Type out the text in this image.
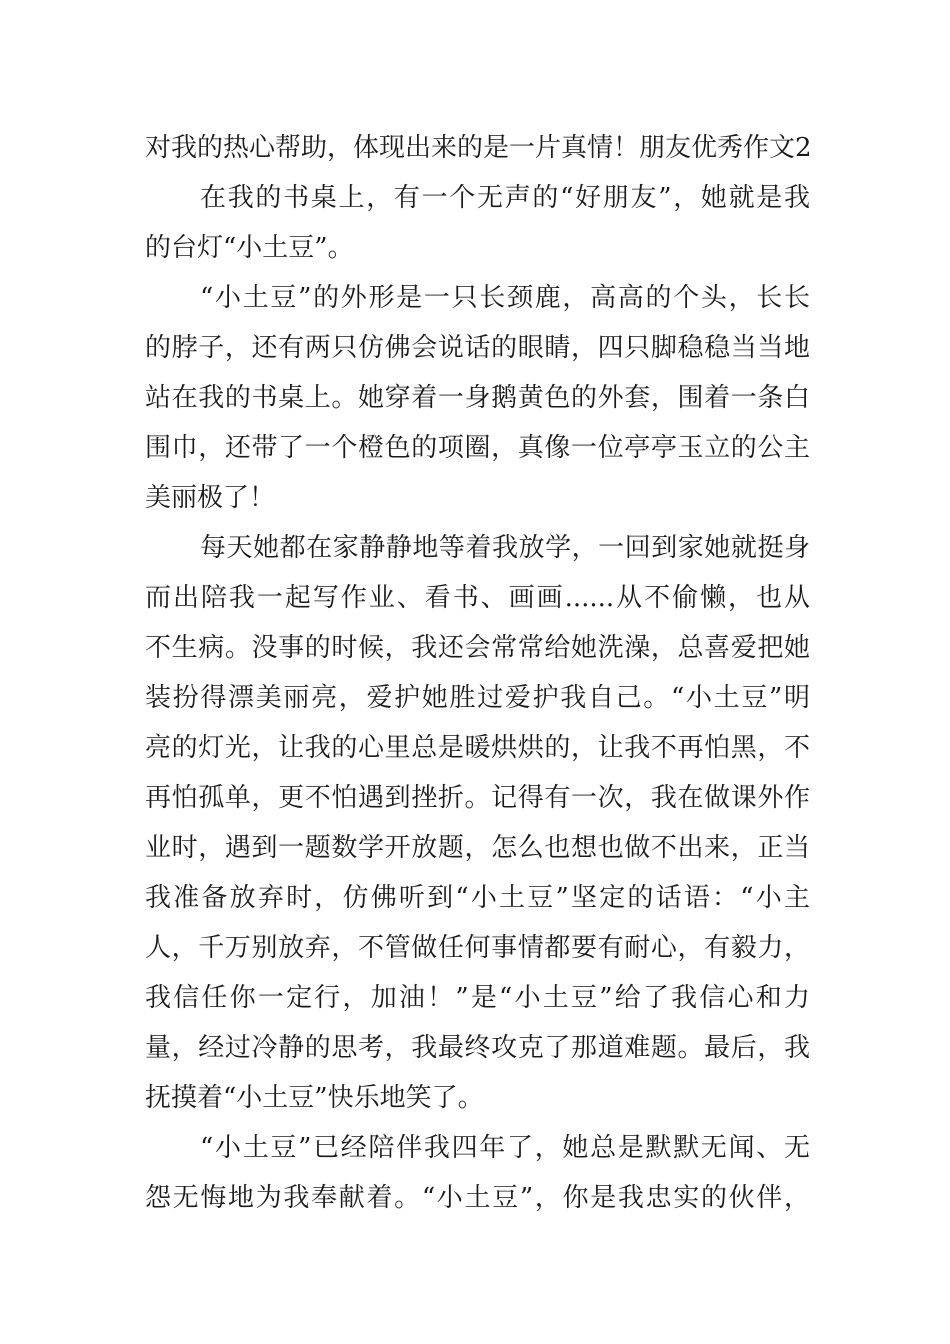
对我的热心帮助，体现出来的是一片真情！朋友优秀作文2
在我的书桌上，有一个无声的“好朋友”，她就是我
的台灯“小土豆”。
“小土豆”的外形是一只长颈鹿，高高的个头，长长
的脖子，还有两只仿佛会说话的眼睛，四只脚稳稳当当地
站在我的书桌上。她穿着一身鹅黄色的外套，围着一条白
围巾，还带了一个橙色的项圈，真像一位亭亭玉立的公主
美丽极了！
每天她都在家静静地等着我放学，一回到家她就挺身
而出陪我一起写作业、看书、画画......从不偷懒，也从
不生病。没事的时候，我还会常常给她洗澡，总喜爱把她
装扮得漂美丽亮，爱护她胜过爱护我自己。“小土豆”明
亮的灯光，让我的心里总是暖烘烘的，让我不再怕黑，不
再怕孤单，更不怕遇到挫折。记得有一次，我在做课外作
业时，遇到一题数学开放题，怎么也想也做不出来，正当
我准备放弃时，仿佛听到“小土豆”坚定的话语：“小主
人，千万别放弃，不管做任何事情都要有耐心，有毅力，
我信任你一定行，加油！”是“小土豆”给了我信心和力
量，经过冷静的思考，我最终攻克了那道难题。最后，我
抚摸着“小土豆”快乐地笑了。
“小土豆”已经陪伴我四年了，她总是默默无闻、无
怨无悔地为我奉献着。“小土豆”，你是我忠实的伙伴，
